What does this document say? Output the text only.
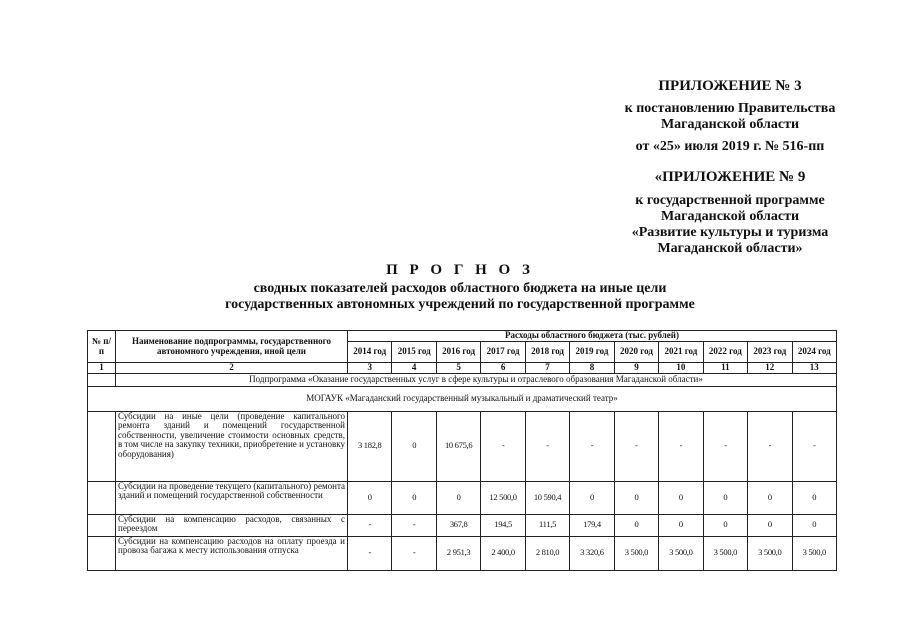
ПРИЛОЖЕНИЕ № 3
к постановлению Правительства
Магаданской области
от «25» июля 2019 г. № 516-пп
«ПРИЛОЖЕНИЕ № 9
к государственной программе
Магаданской области
«Развитие культуры и туризма
Магаданской области»
П Р О Г Н О З
сводных показателей расходов областного бюджета на иные цели
государственных автономных учреждений по государственной программе
№ п/п	Наименование подпрограммы, государственного автономного учреждения, иной цели	Расходы областного бюджета (тыс. рублей)										
		2014 год	2015 год	2016 год	2017 год	2018 год	2019 год	2020 год	2021 год	2022 год	2023 год	2024 год
1	2	3	4	5	6	7	8	9	10	11	12	13
	Подпрограмма «Оказание государственных услуг в сфере культуры и отраслевого образования Магаданской области»											
МОГАУК «Магаданский государственный музыкальный и драматический театр»												
	Субсидии на иные цели (проведение капитального ремонта зданий и помещений государственной собственности, увеличение стоимости основных средств, в том числе на закупку техники, приобретение и установку оборудования)	3 182,8	0	10 675,6	-	-	-	-	-	-	-	-
	Субсидии на проведение текущего (капитального) ремонта зданий и помещений государственной собственности	0	0	0	12 500,0	10 590,4	0	0	0	0	0	0
	Субсидии на компенсацию расходов, связанных с переездом	-	-	367,8	194,5	111,5	179,4	0	0	0	0	0
	Субсидии на компенсацию расходов на оплату проезда и провоза багажа к месту использования отпуска	-	-	2 951,3	2 400,0	2 810,0	3 320,6	3 500,0	3 500,0	3 500,0	3 500,0	3 500,0
